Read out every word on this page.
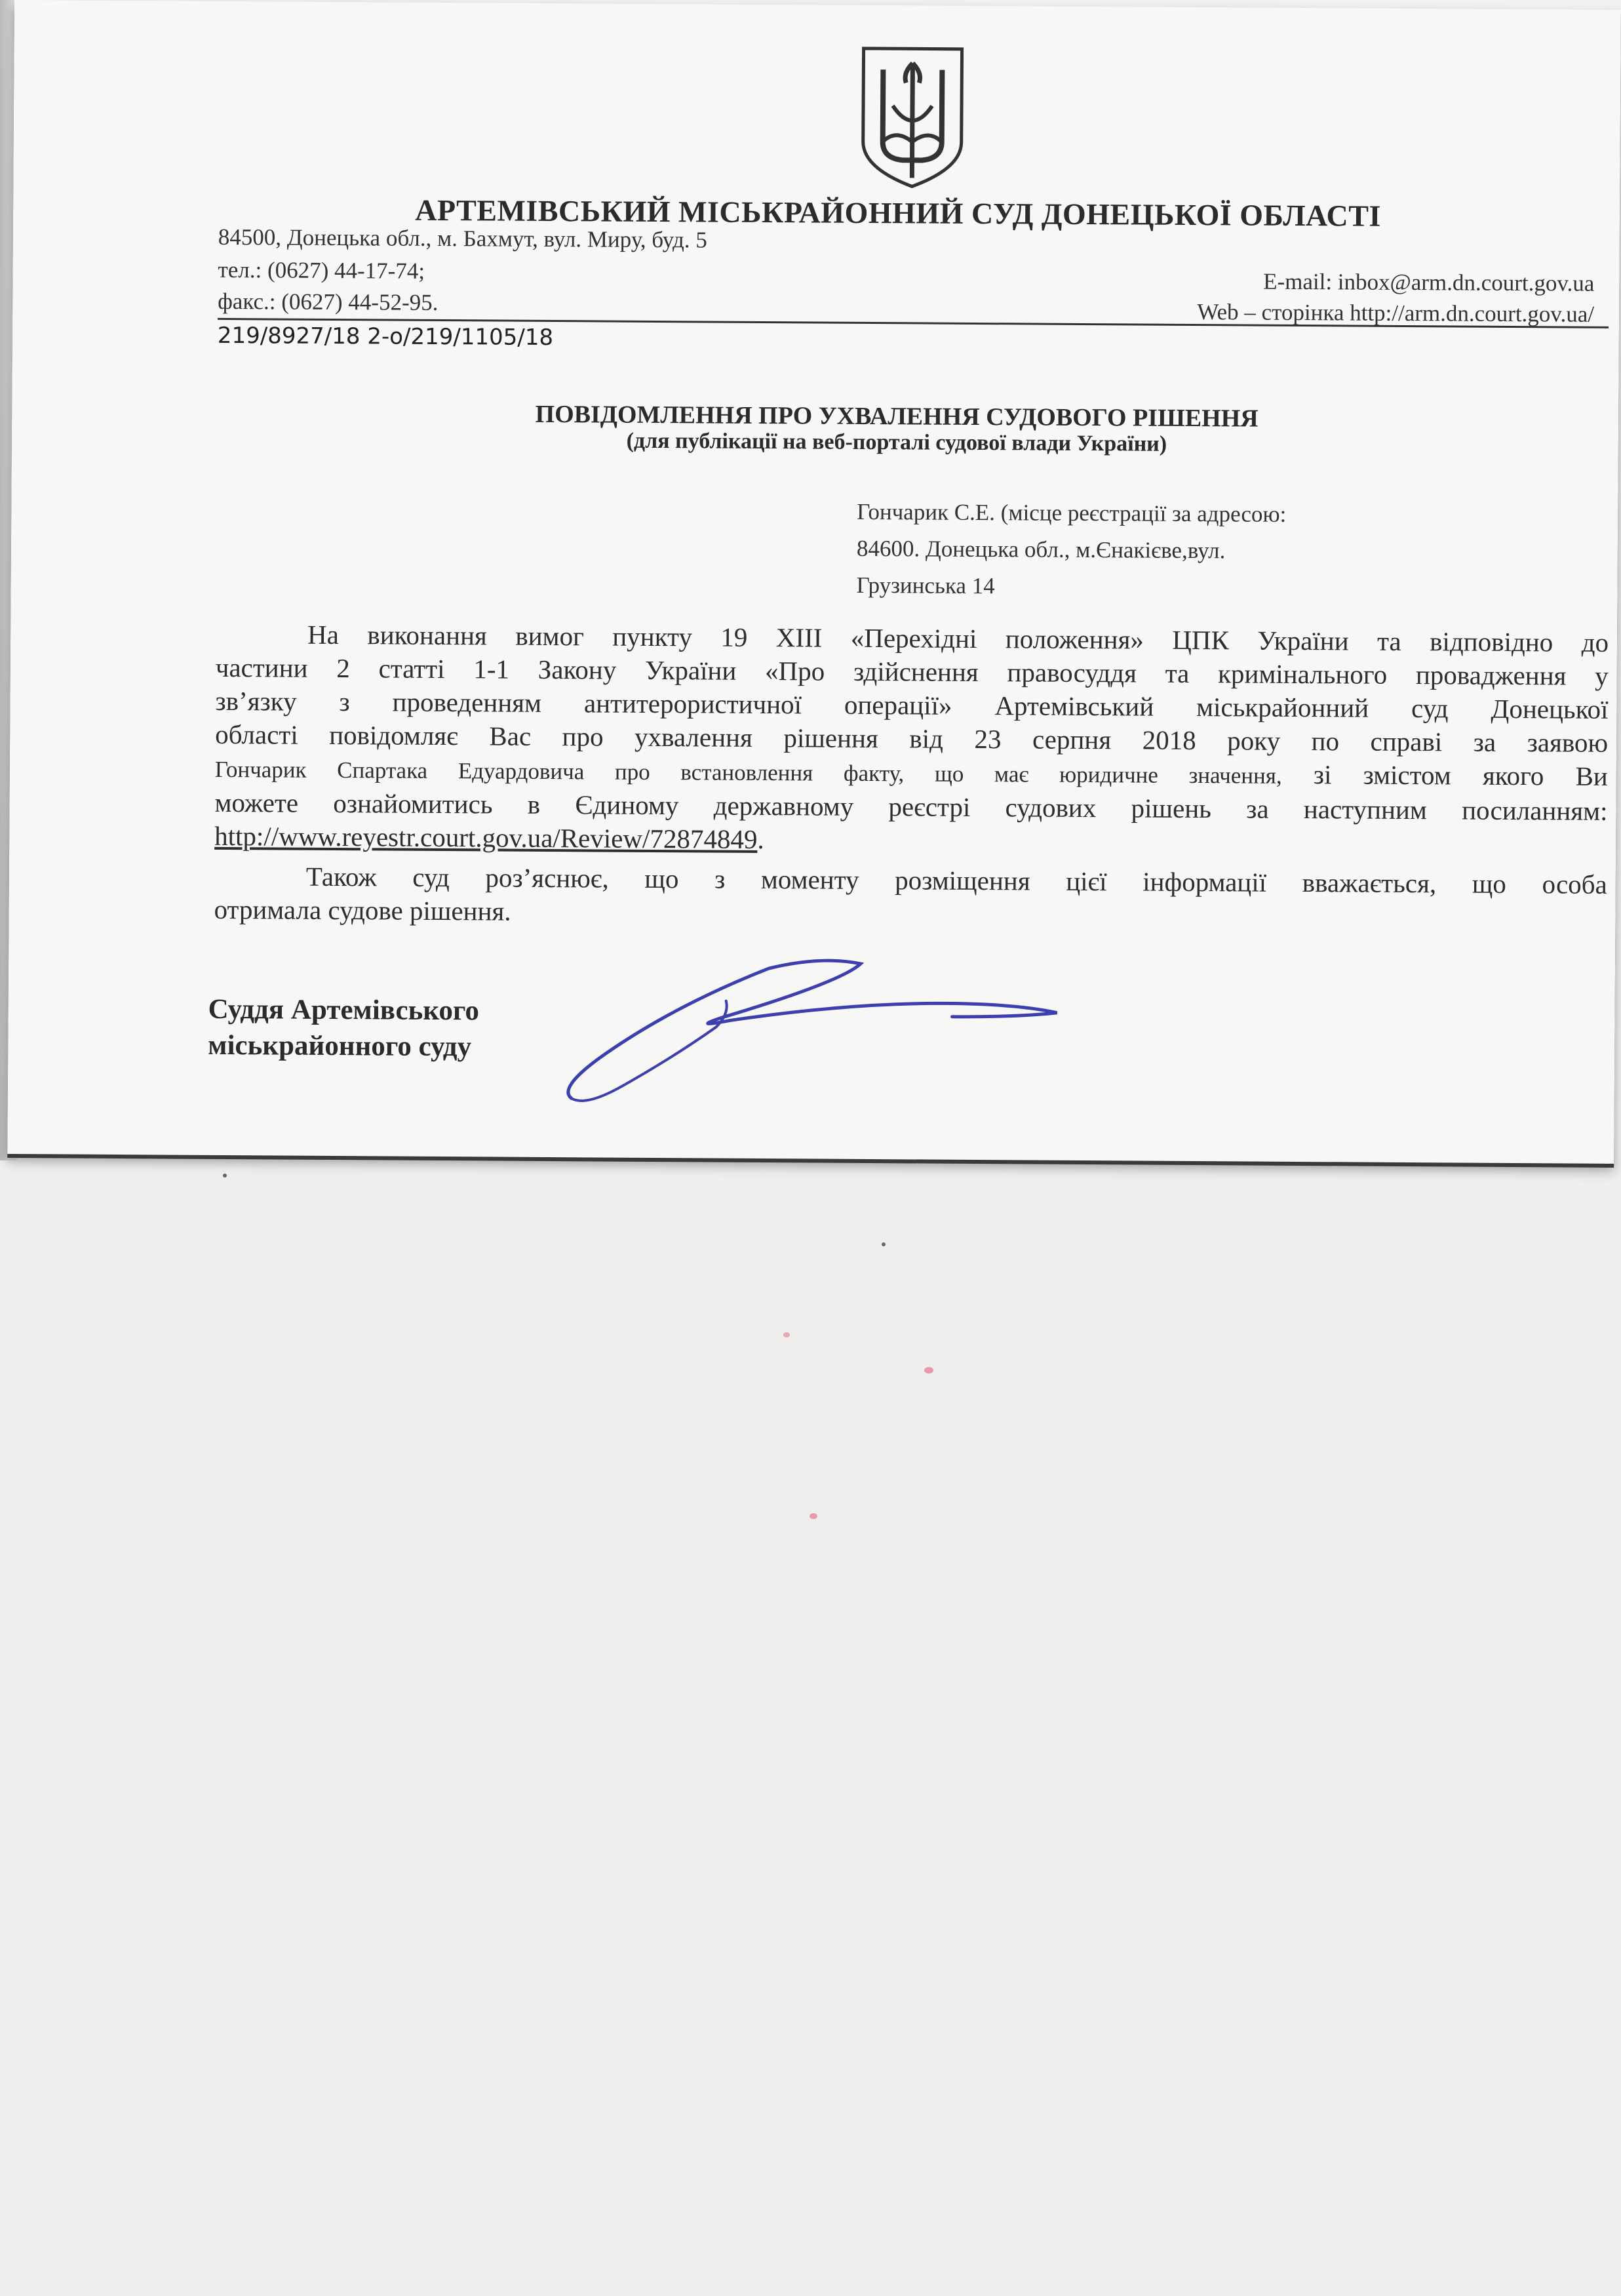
АРТЕМІВСЬКИЙ МІСЬКРАЙОННИЙ СУД ДОНЕЦЬКОЇ ОБЛАСТІ
84500, Донецька обл., м. Бахмут, вул. Миру, буд. 5
тел.: (0627) 44-17-74;
факс.: (0627) 44-52-95.
E-mail: inbox@arm.dn.court.gov.ua
Web – сторінка http://arm.dn.court.gov.ua/
219/8927/18 2-о/219/1105/18
ПОВІДОМЛЕННЯ ПРО УХВАЛЕННЯ СУДОВОГО РІШЕННЯ
(для публікації на веб-порталі судової влади України)
Гончарик С.Е. (місце реєстрації за адресою:
84600. Донецька обл., м.Єнакієве,вул.
Грузинська 14

На виконання вимог пункту 19 ХІІІ «Перехідні положення» ЦПК України та відповідно до

частини 2 статті 1-1 Закону України «Про здійснення правосуддя та кримінального провадження у
зв’язку з проведенням антитерористичної операції» Артемівський міськрайонний суд Донецької
області повідомляє Вас про ухвалення рішення від 23 серпня 2018 року по справі за заявою
Гончарик Спартака Едуардовича про встановлення факту, що має юридичне значення, зі змістом якого Ви
можете ознайомитись в Єдиному державному реєстрі судових рішень за наступним посиланням:
http://www.reyestr.court.gov.ua/Review/72874849.

Також суд роз’яснює, що з моменту розміщення цієї інформації вважається, що особа

отримала судове рішення.
Суддя Артемівського
міськрайонного суду
